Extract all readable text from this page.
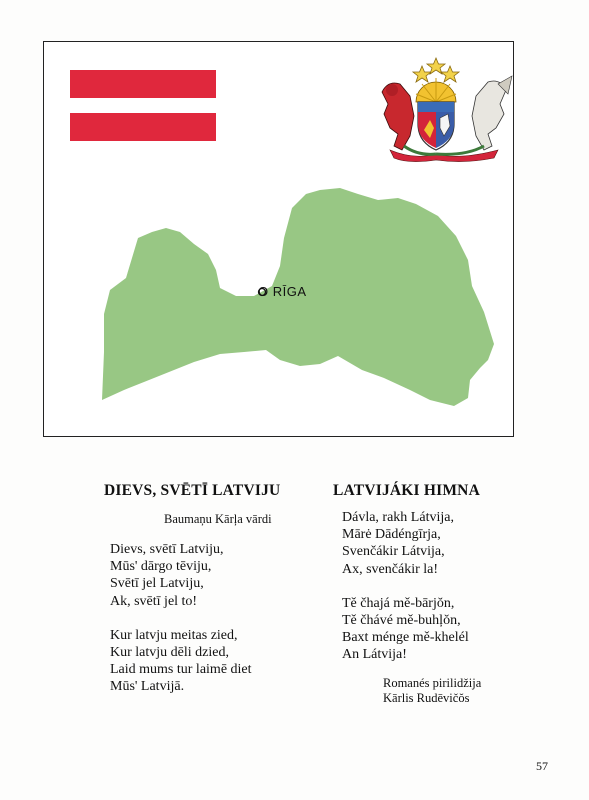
O RĪGA
DIEVS, SVĒTĪ LATVIJU
Baumaņu Kārļa vārdi
Dievs, svētī Latviju,
Mūs' dārgo tēviju,
Svētī jel Latviju,
Ak, svētī jel to!
Kur latvju meitas zied,
Kur latvju dēli dzied,
Laid mums tur laimē diet
Mūs' Latvijā.
LATVIJÁKI HIMNA
Dávla, rakh Látvija,
Mārė Dādéngīrja,
Svenčákir Látvija,
Ax, svenčákir la!
Tě čhajá mě-bārjŏn,
Tě čhávé mě-buhļŏn,
Baxt ménge mě-khelél
An Látvija!
Romanés pirilidžija
Kārlis Rudēvičŏs
57
